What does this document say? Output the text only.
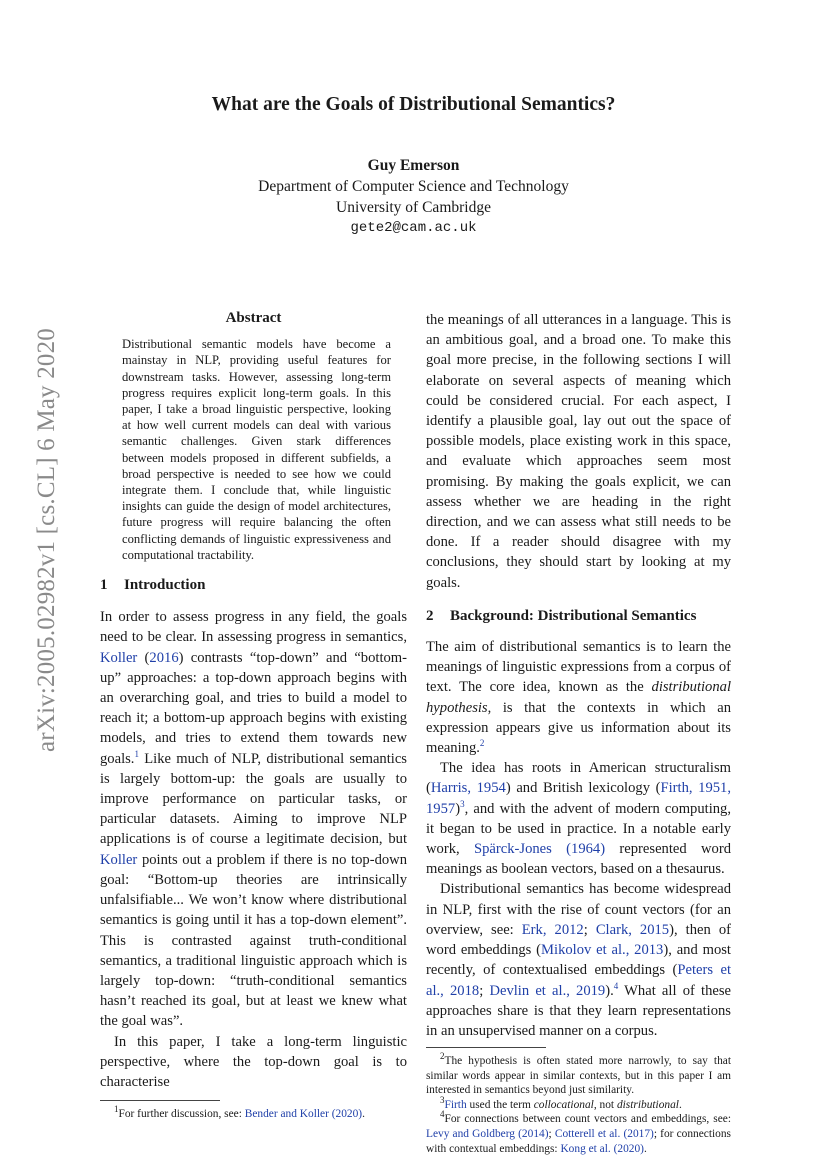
arXiv:2005.02982v1 [cs.CL] 6 May 2020
What are the Goals of Distributional Semantics?
Guy Emerson
Department of Computer Science and Technology
University of Cambridge
gete2@cam.ac.uk
Abstract

Distributional semantic models have become a mainstay in NLP, providing useful features for downstream tasks. However, assessing long-term progress requires explicit long-term goals. In this paper, I take a broad linguistic perspective, looking at how well current models can deal with various semantic challenges. Given stark differences between models proposed in different subfields, a broad perspective is needed to see how we could integrate them. I conclude that, while linguistic insights can guide the design of model architectures, future progress will require balancing the often conflicting demands of linguistic expressiveness and computational tractability.

1 Introduction

In order to assess progress in any field, the goals need to be clear. In assessing progress in semantics, Koller (2016) contrasts “top-down” and “bottom-up” approaches: a top-down approach begins with an overarching goal, and tries to build a model to reach it; a bottom-up approach begins with existing models, and tries to extend them towards new goals.$^1$ Like much of NLP, distributional semantics is largely bottom-up: the goals are usually to improve performance on particular tasks, or particular datasets. Aiming to improve NLP applications is of course a legitimate decision, but Koller points out a problem if there is no top-down goal: “Bottom-up theories are intrinsically unfalsifiable... We won’t know where distributional semantics is going until it has a top-down element”. This is contrasted against truth-conditional semantics, a traditional linguistic approach which is largely top-down: “truth-conditional semantics hasn’t reached its goal, but at least we knew what the goal was”.

In this paper, I take a long-term linguistic perspective, where the top-down goal is to characterise

$^1$For further discussion, see: Bender and Koller (2020).

the meanings of all utterances in a language. This is an ambitious goal, and a broad one. To make this goal more precise, in the following sections I will elaborate on several aspects of meaning which could be considered crucial. For each aspect, I identify a plausible goal, lay out out the space of possible models, place existing work in this space, and evaluate which approaches seem most promising. By making the goals explicit, we can assess whether we are heading in the right direction, and we can assess what still needs to be done. If a reader should disagree with my conclusions, they should start by looking at my goals.

2 Background: Distributional Semantics

The aim of distributional semantics is to learn the meanings of linguistic expressions from a corpus of text. The core idea, known as the distributional hypothesis, is that the contexts in which an expression appears give us information about its meaning.$^2$

The idea has roots in American structuralism (Harris, 1954) and British lexicology (Firth, 1951, 1957)$^3$, and with the advent of modern computing, it began to be used in practice. In a notable early work, Spärck-Jones (1964) represented word meanings as boolean vectors, based on a thesaurus.

Distributional semantics has become widespread in NLP, first with the rise of count vectors (for an overview, see: Erk, 2012; Clark, 2015), then of word embeddings (Mikolov et al., 2013), and most recently, of contextualised embeddings (Peters et al., 2018; Devlin et al., 2019).$^4$ What all of these approaches share is that they learn representations in an unsupervised manner on a corpus.

$^2$The hypothesis is often stated more narrowly, to say that similar words appear in similar contexts, but in this paper I am interested in semantics beyond just similarity.
$^3$Firth used the term collocational, not distributional.
$^4$For connections between count vectors and embeddings, see: Levy and Goldberg (2014); Cotterell et al. (2017); for connections with contextual embeddings: Kong et al. (2020).
